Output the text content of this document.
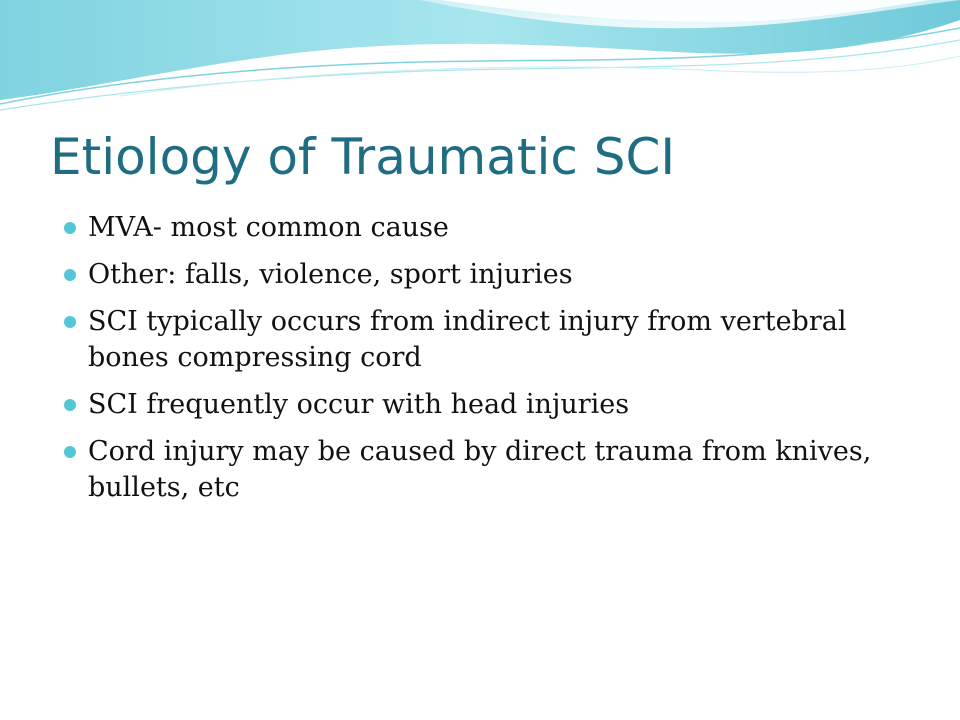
Etiology of Traumatic SCI
MVA- most common cause
Other: falls, violence, sport injuries
SCI typically occurs from indirect injury from vertebral bones compressing cord
SCI frequently occur with head injuries
Cord injury may be caused by direct trauma from knives, bullets, etc
